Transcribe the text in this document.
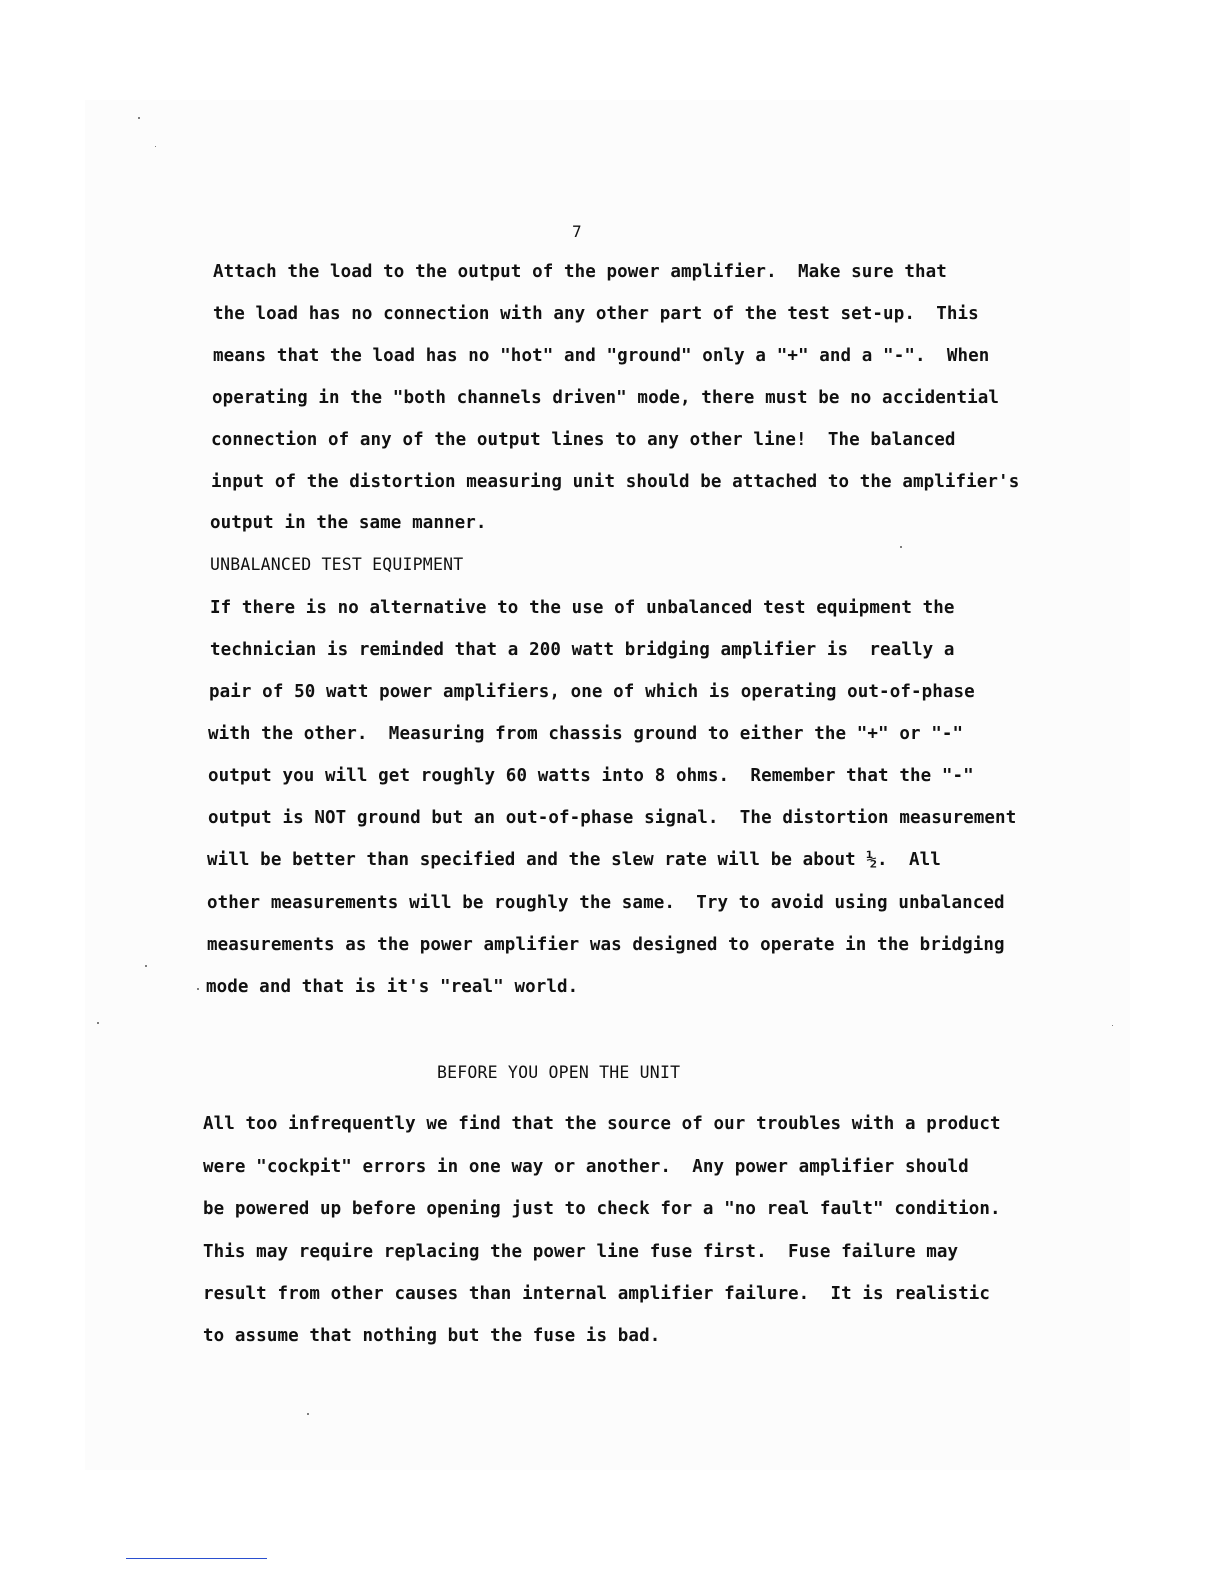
7
Attach the load to the output of the power amplifier.  Make sure that
the load has no connection with any other part of the test set-up.  This
means that the load has no "hot" and "ground" only a "+" and a "-".  When
operating in the "both channels driven" mode, there must be no accidential
connection of any of the output lines to any other line!  The balanced
input of the distortion measuring unit should be attached to the amplifier's
output in the same manner.
UNBALANCED TEST EQUIPMENT
If there is no alternative to the use of unbalanced test equipment the
technician is reminded that a 200 watt bridging amplifier is  really a
pair of 50 watt power amplifiers, one of which is operating out-of-phase
with the other.  Measuring from chassis ground to either the "+" or "-"
output you will get roughly 60 watts into 8 ohms.  Remember that the "-"
output is NOT ground but an out-of-phase signal.  The distortion measurement
will be better than specified and the slew rate will be about ½.  All
other measurements will be roughly the same.  Try to avoid using unbalanced
measurements as the power amplifier was designed to operate in the bridging
mode and that is it's "real" world.
BEFORE YOU OPEN THE UNIT
All too infrequently we find that the source of our troubles with a product
were "cockpit" errors in one way or another.  Any power amplifier should
be powered up before opening just to check for a "no real fault" condition.
This may require replacing the power line fuse first.  Fuse failure may
result from other causes than internal amplifier failure.  It is realistic
to assume that nothing but the fuse is bad.
